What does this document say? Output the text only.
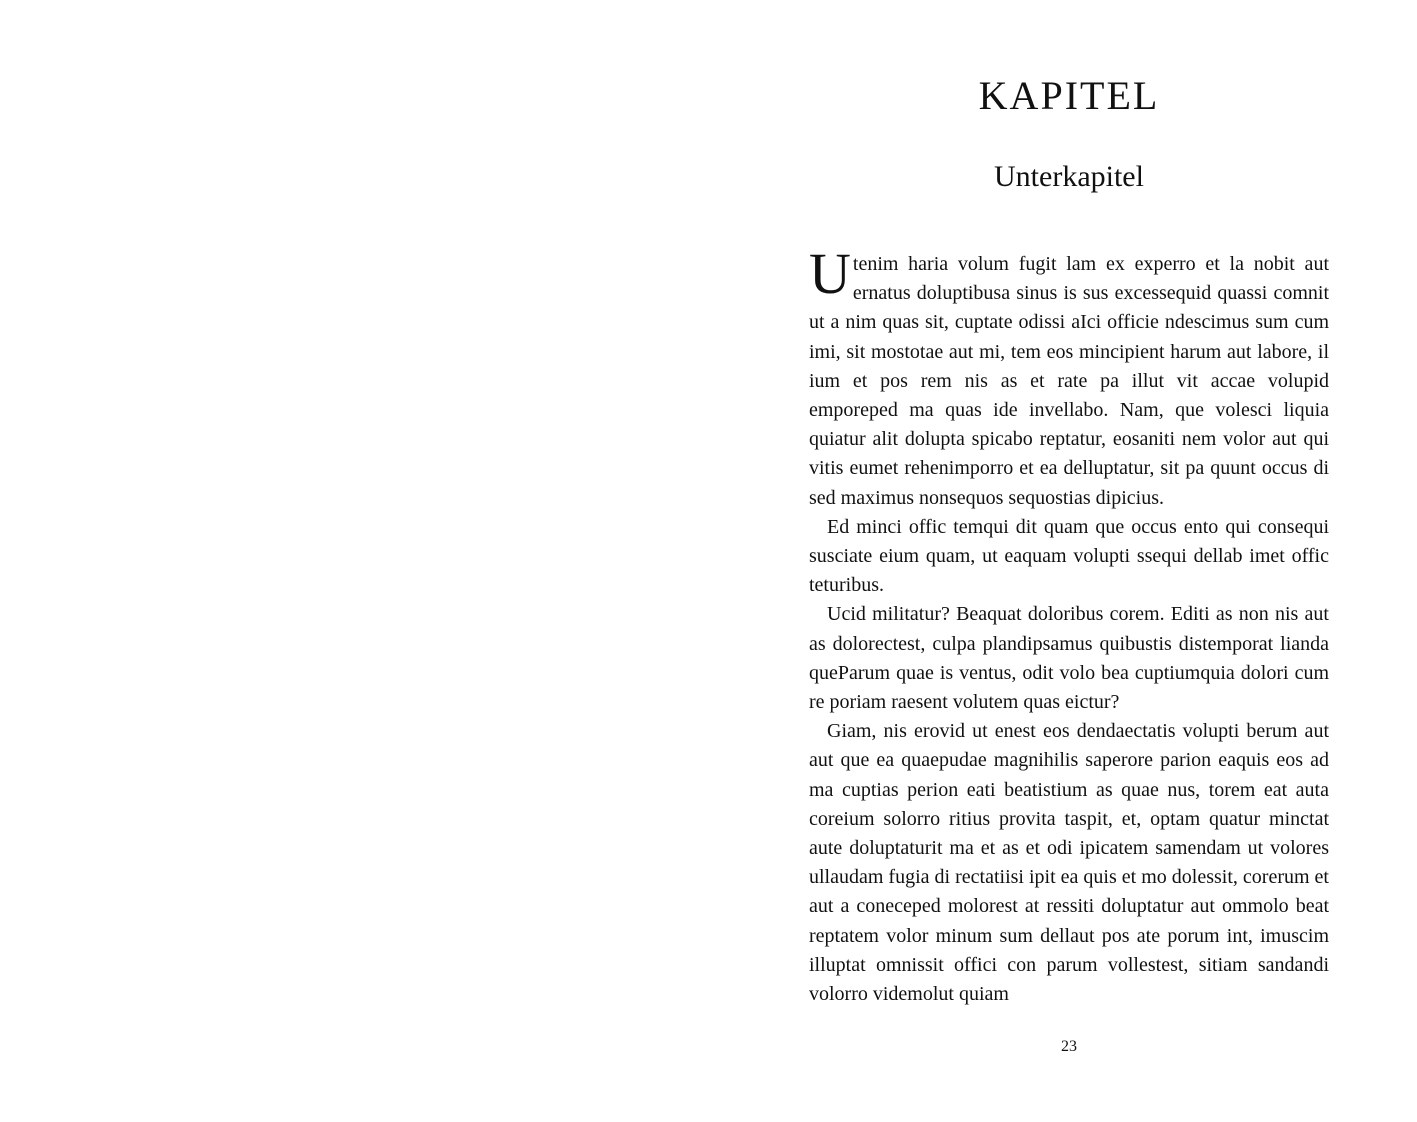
KAPITEL
Unterkapitel

Utenim haria volum fugit lam ex experro et la nobit aut ernatus doluptibusa sinus is sus excessequid quassi comnit ut a nim quas sit, cuptate odissi aIci officie ndescimus sum cum imi, sit mostotae aut mi, tem eos mincipient harum aut labore, il ium et pos rem nis as et rate pa illut vit accae volupid emporeped ma quas ide invellabo. Nam, que volesci liquia quiatur alit dolupta spicabo reptatur, eosaniti nem volor aut qui vitis eumet rehenimporro et ea delluptatur, sit pa quunt occus di sed maximus nonsequos sequostias dipicius.

Ed minci offic temqui dit quam que occus ento qui consequi susciate eium quam, ut eaquam volupti ssequi dellab imet offic teturibus.

Ucid militatur? Beaquat doloribus corem. Editi as non nis aut as dolorectest, culpa plandipsamus quibustis distemporat lianda queParum quae is ventus, odit volo bea cuptiumquia dolori cum re poriam raesent volutem quas eictur?

Giam, nis erovid ut enest eos dendaectatis volupti berum aut aut que ea quaepudae magnihilis saperore parion eaquis eos ad ma cuptias perion eati beatistium as quae nus, torem eat auta coreium solorro ritius provita taspit, et, optam quatur minctat aute doluptaturit ma et as et odi ipicatem samendam ut volores ullaudam fugia di rectatiisi ipit ea quis et mo dolessit, corerum et aut a coneceped molorest at ressiti doluptatur aut ommolo beat reptatem volor minum sum dellaut pos ate porum int, imuscim illuptat omnissit offici con parum vollestest, sitiam sandandi volorro videmolut quiam

23
